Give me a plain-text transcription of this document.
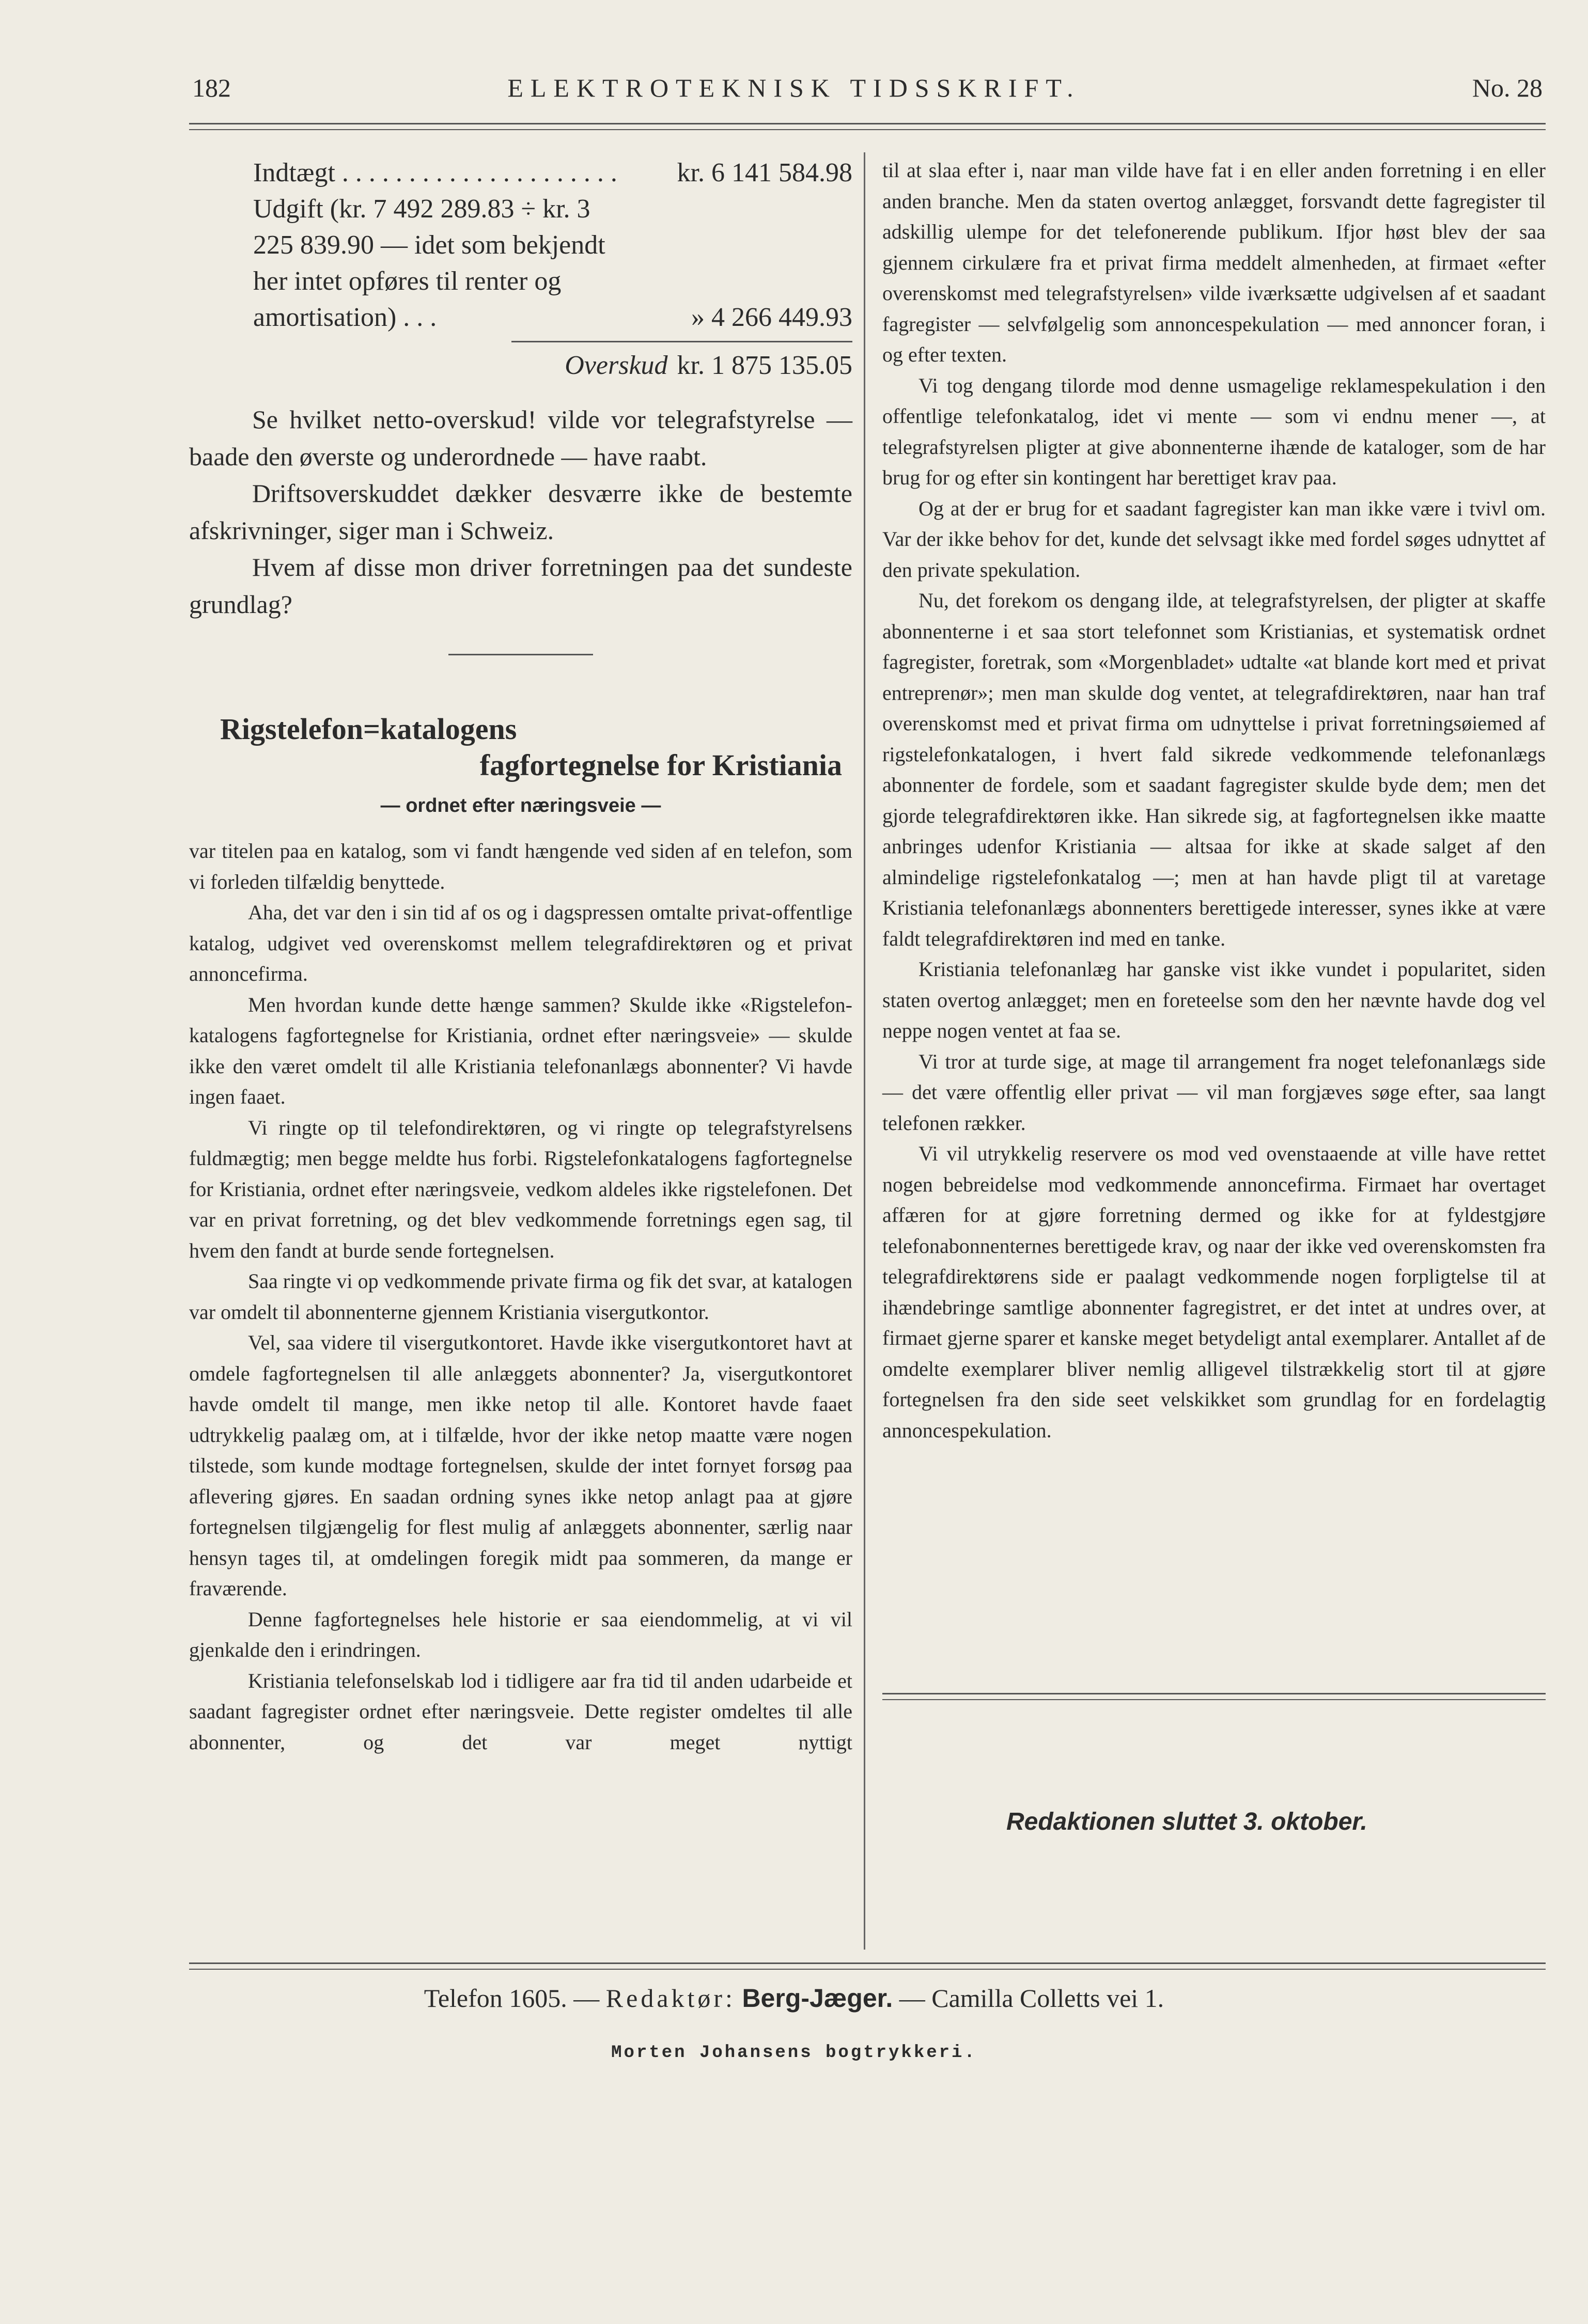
182	ELEKTROTEKNISK TIDSSKRIFT.	No. 28
Indtægt . . . . . . . . . . . . . . . . . . . . .	kr. 6 141 584.98
Udgift (kr. 7 492 289.83 ÷ kr. 3 225 839.90 — idet som bekjendt her intet opføres til renter og amortisation) . . .	» 4 266 449.93
Overskud kr. 1 875 135.05

Se hvilket netto-overskud! vilde vor telegrafstyrelse — baade den øverste og underordnede — have raabt.

Driftsoverskuddet dækker desværre ikke de bestemte afskrivninger, siger man i Schweiz.

Hvem af disse mon driver forretningen paa det sundeste grundlag?

Rigstelefon=katalogens
fagfortegnelse for Kristiania
— ordnet efter næringsveie —

var titelen paa en katalog, som vi fandt hængende ved siden af en telefon, som vi forleden tilfældig benyttede.

Aha, det var den i sin tid af os og i dagspressen omtalte privat-offentlige katalog, udgivet ved overenskomst mellem telegrafdirektøren og et privat annoncefirma.

Men hvordan kunde dette hænge sammen? Skulde ikke «Rigstelefon-katalogens fagfortegnelse for Kristiania, ordnet efter næringsveie» — skulde ikke den været omdelt til alle Kristiania telefonanlægs abonnenter? Vi havde ingen faaet.

Vi ringte op til telefondirektøren, og vi ringte op telegrafstyrelsens fuldmægtig; men begge meldte hus forbi. Rigstelefonkatalogens fagfortegnelse for Kristiania, ordnet efter næringsveie, vedkom aldeles ikke rigstelefonen. Det var en privat forretning, og det blev vedkommende forretnings egen sag, til hvem den fandt at burde sende fortegnelsen.

Saa ringte vi op vedkommende private firma og fik det svar, at katalogen var omdelt til abonnenterne gjennem Kristiania visergutkontor.

Vel, saa videre til visergutkontoret. Havde ikke visergutkontoret havt at omdele fagfortegnelsen til alle anlæggets abonnenter? Ja, visergutkontoret havde omdelt til mange, men ikke netop til alle. Kontoret havde faaet udtrykkelig paalæg om, at i tilfælde, hvor der ikke netop maatte være nogen tilstede, som kunde modtage fortegnelsen, skulde der intet fornyet forsøg paa aflevering gjøres. En saadan ordning synes ikke netop anlagt paa at gjøre fortegnelsen tilgjængelig for flest mulig af anlæggets abonnenter, særlig naar hensyn tages til, at omdelingen foregik midt paa sommeren, da mange er fraværende.

Denne fagfortegnelses hele historie er saa eiendommelig, at vi vil gjenkalde den i erindringen.

Kristiania telefonselskab lod i tidligere aar fra tid til anden udarbeide et saadant fagregister ordnet efter næringsveie. Dette register omdeltes til alle abonnenter, og det var meget nyttigt

til at slaa efter i, naar man vilde have fat i en eller anden forretning i en eller anden branche. Men da staten overtog anlægget, forsvandt dette fagregister til adskillig ulempe for det telefonerende publikum. Ifjor høst blev der saa gjennem cirkulære fra et privat firma meddelt almenheden, at firmaet «efter overenskomst med telegrafstyrelsen» vilde iværksætte udgivelsen af et saadant fagregister — selvfølgelig som annoncespekulation — med annoncer foran, i og efter texten.

Vi tog dengang tilorde mod denne usmagelige reklamespekulation i den offentlige telefonkatalog, idet vi mente — som vi endnu mener —, at telegrafstyrelsen pligter at give abonnenterne ihænde de kataloger, som de har brug for og efter sin kontingent har berettiget krav paa.

Og at der er brug for et saadant fagregister kan man ikke være i tvivl om. Var der ikke behov for det, kunde det selvsagt ikke med fordel søges udnyttet af den private spekulation.

Nu, det forekom os dengang ilde, at telegrafstyrelsen, der pligter at skaffe abonnenterne i et saa stort telefonnet som Kristianias, et systematisk ordnet fagregister, foretrak, som «Morgenbladet» udtalte «at blande kort med et privat entreprenør»; men man skulde dog ventet, at telegrafdirektøren, naar han traf overenskomst med et privat firma om udnyttelse i privat forretningsøiemed af rigstelefonkatalogen, i hvert fald sikrede vedkommende telefonanlægs abonnenter de fordele, som et saadant fagregister skulde byde dem; men det gjorde telegrafdirektøren ikke. Han sikrede sig, at fagfortegnelsen ikke maatte anbringes udenfor Kristiania — altsaa for ikke at skade salget af den almindelige rigstelefonkatalog —; men at han havde pligt til at varetage Kristiania telefonanlægs abonnenters berettigede interesser, synes ikke at være faldt telegrafdirektøren ind med en tanke.

Kristiania telefonanlæg har ganske vist ikke vundet i popularitet, siden staten overtog anlægget; men en foreteelse som den her nævnte havde dog vel neppe nogen ventet at faa se.

Vi tror at turde sige, at mage til arrangement fra noget telefonanlægs side — det være offentlig eller privat — vil man forgjæves søge efter, saa langt telefonen rækker.

Vi vil utrykkelig reservere os mod ved ovenstaaende at ville have rettet nogen bebreidelse mod vedkommende annoncefirma. Firmaet har overtaget affæren for at gjøre forretning dermed og ikke for at fyldestgjøre telefonabonnenternes berettigede krav, og naar der ikke ved overenskomsten fra telegrafdirektørens side er paalagt vedkommende nogen forpligtelse til at ihændebringe samtlige abonnenter fagregistret, er det intet at undres over, at firmaet gjerne sparer et kanske meget betydeligt antal exemplarer. Antallet af de omdelte exemplarer bliver nemlig alligevel tilstrækkelig stort til at gjøre fortegnelsen fra den side seet velskikket som grundlag for en fordelagtig annoncespekulation.

Redaktionen sluttet 3. oktober.
Telefon 1605. — Redaktør: Berg-Jæger. — Camilla Colletts vei 1.
Morten Johansens bogtrykkeri.
